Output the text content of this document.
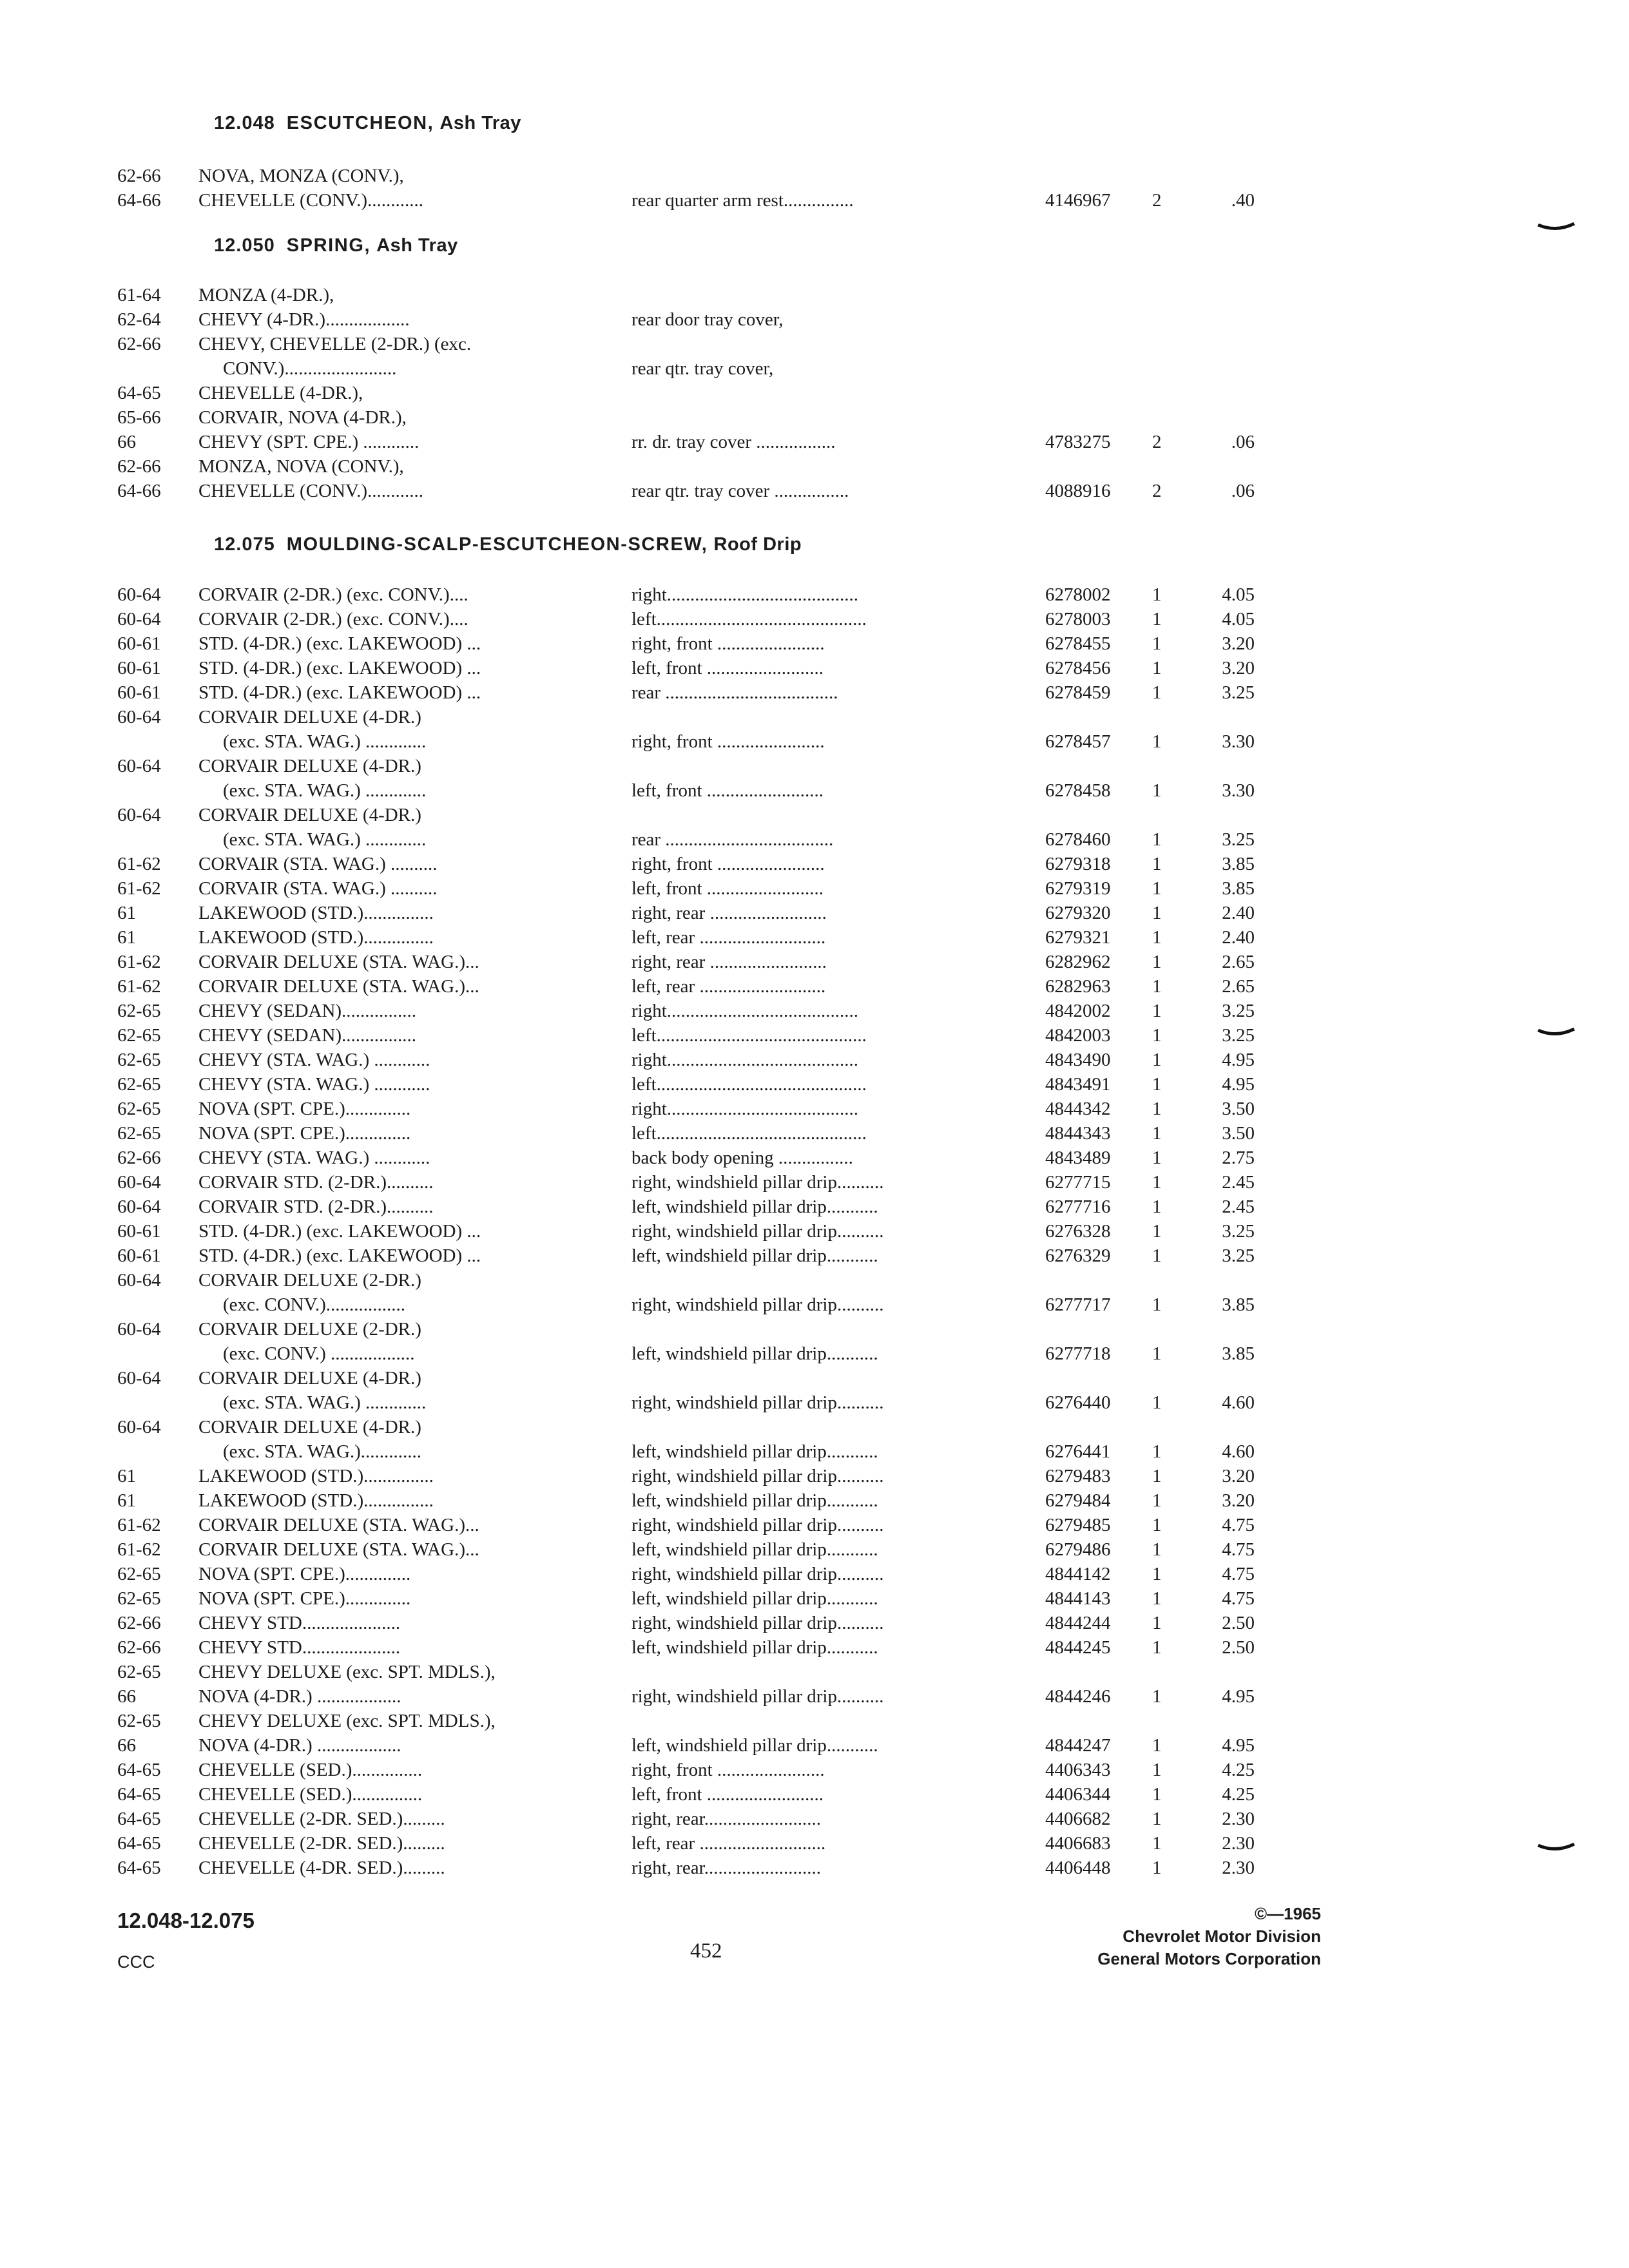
12.048 ESCUTCHEON, Ash Tray
62-66 NOVA, MONZA (CONV.),
64-66 CHEVELLE (CONV.)............	rear quarter arm rest...............	4146967 2	.40
12.050 SPRING, Ash Tray
61-64 MONZA (4-DR.),
62-64 CHEVY (4-DR.)..................	rear door tray cover,
62-66 CHEVY, CHEVELLE (2-DR.) (exc.
CONV.)........................	rear qtr. tray cover,
64-65 CHEVELLE (4-DR.),
65-66 CORVAIR, NOVA (4-DR.),
66	CHEVY (SPT. CPE.) ............	rr. dr. tray cover .................	4783275 2	.06
62-66 MONZA, NOVA (CONV.),
64-66 CHEVELLE (CONV.)............	rear qtr. tray cover ................	4088916 2	.06
12.075 MOULDING-SCALP-ESCUTCHEON-SCREW, Roof Drip
60-64 CORVAIR (2-DR.) (exc. CONV.)....	right.........................................	6278002 1	4.05
60-64 CORVAIR (2-DR.) (exc. CONV.)....	left.............................................	6278003 1	4.05
60-61 STD. (4-DR.) (exc. LAKEWOOD) ...	right, front .......................	6278455 1	3.20
60-61 STD. (4-DR.) (exc. LAKEWOOD) ...	left, front .........................	6278456 1	3.20
60-61 STD. (4-DR.) (exc. LAKEWOOD) ...	rear .....................................	6278459 1	3.25
60-64 CORVAIR DELUXE (4-DR.)
(exc. STA. WAG.) .............	right, front .......................	6278457 1	3.30
60-64 CORVAIR DELUXE (4-DR.)
(exc. STA. WAG.) .............	left, front .........................	6278458 1	3.30
60-64 CORVAIR DELUXE (4-DR.)
(exc. STA. WAG.) .............	rear ....................................	6278460 1	3.25
61-62 CORVAIR (STA. WAG.) ..........	right, front .......................	6279318 1	3.85
61-62 CORVAIR (STA. WAG.) ..........	left, front .........................	6279319 1	3.85
61	LAKEWOOD (STD.)...............	right, rear .........................	6279320 1	2.40
61	LAKEWOOD (STD.)...............	left, rear ...........................	6279321 1	2.40
61-62 CORVAIR DELUXE (STA. WAG.)...	right, rear .........................	6282962 1	2.65
61-62 CORVAIR DELUXE (STA. WAG.)...	left, rear ...........................	6282963 1	2.65
62-65 CHEVY (SEDAN)................	right.........................................	4842002 1	3.25
62-65 CHEVY (SEDAN)................	left.............................................	4842003 1	3.25
62-65 CHEVY (STA. WAG.) ............	right.........................................	4843490 1	4.95
62-65 CHEVY (STA. WAG.) ............	left.............................................	4843491 1	4.95
62-65 NOVA (SPT. CPE.)..............	right.........................................	4844342 1	3.50
62-65 NOVA (SPT. CPE.)..............	left.............................................	4844343 1	3.50
62-66 CHEVY (STA. WAG.) ............	back body opening ................	4843489 1	2.75
60-64 CORVAIR STD. (2-DR.)..........	right, windshield pillar drip..........	6277715 1	2.45
60-64 CORVAIR STD. (2-DR.)..........	left, windshield pillar drip...........	6277716 1	2.45
60-61 STD. (4-DR.) (exc. LAKEWOOD) ...	right, windshield pillar drip..........	6276328 1	3.25
60-61 STD. (4-DR.) (exc. LAKEWOOD) ...	left, windshield pillar drip...........	6276329 1	3.25
60-64 CORVAIR DELUXE (2-DR.)
(exc. CONV.).................	right, windshield pillar drip..........	6277717 1	3.85
60-64 CORVAIR DELUXE (2-DR.)
(exc. CONV.) ..................	left, windshield pillar drip...........	6277718 1	3.85
60-64 CORVAIR DELUXE (4-DR.)
(exc. STA. WAG.) .............	right, windshield pillar drip..........	6276440 1	4.60
60-64 CORVAIR DELUXE (4-DR.)
(exc. STA. WAG.).............	left, windshield pillar drip...........	6276441 1	4.60
61	LAKEWOOD (STD.)...............	right, windshield pillar drip..........	6279483 1	3.20
61	LAKEWOOD (STD.)...............	left, windshield pillar drip...........	6279484 1	3.20
61-62 CORVAIR DELUXE (STA. WAG.)...	right, windshield pillar drip..........	6279485 1	4.75
61-62 CORVAIR DELUXE (STA. WAG.)...	left, windshield pillar drip...........	6279486 1	4.75
62-65 NOVA (SPT. CPE.)..............	right, windshield pillar drip..........	4844142 1	4.75
62-65 NOVA (SPT. CPE.)..............	left, windshield pillar drip...........	4844143 1	4.75
62-66 CHEVY STD.....................	right, windshield pillar drip..........	4844244 1	2.50
62-66 CHEVY STD.....................	left, windshield pillar drip...........	4844245 1	2.50
62-65 CHEVY DELUXE (exc. SPT. MDLS.),
66	NOVA (4-DR.) ..................	right, windshield pillar drip..........	4844246 1	4.95
62-65 CHEVY DELUXE (exc. SPT. MDLS.),
66	NOVA (4-DR.) ..................	left, windshield pillar drip...........	4844247 1	4.95
64-65 CHEVELLE (SED.)...............	right, front .......................	4406343 1	4.25
64-65 CHEVELLE (SED.)...............	left, front .........................	4406344 1	4.25
64-65 CHEVELLE (2-DR. SED.).........	right, rear.........................	4406682 1	2.30
64-65 CHEVELLE (2-DR. SED.).........	left, rear ...........................	4406683 1	2.30
64-65 CHEVELLE (4-DR. SED.).........	right, rear.........................	4406448 1	2.30
12.048-12.075
CCC	452
©—1965
Chevrolet Motor Division
General Motors Corporation
